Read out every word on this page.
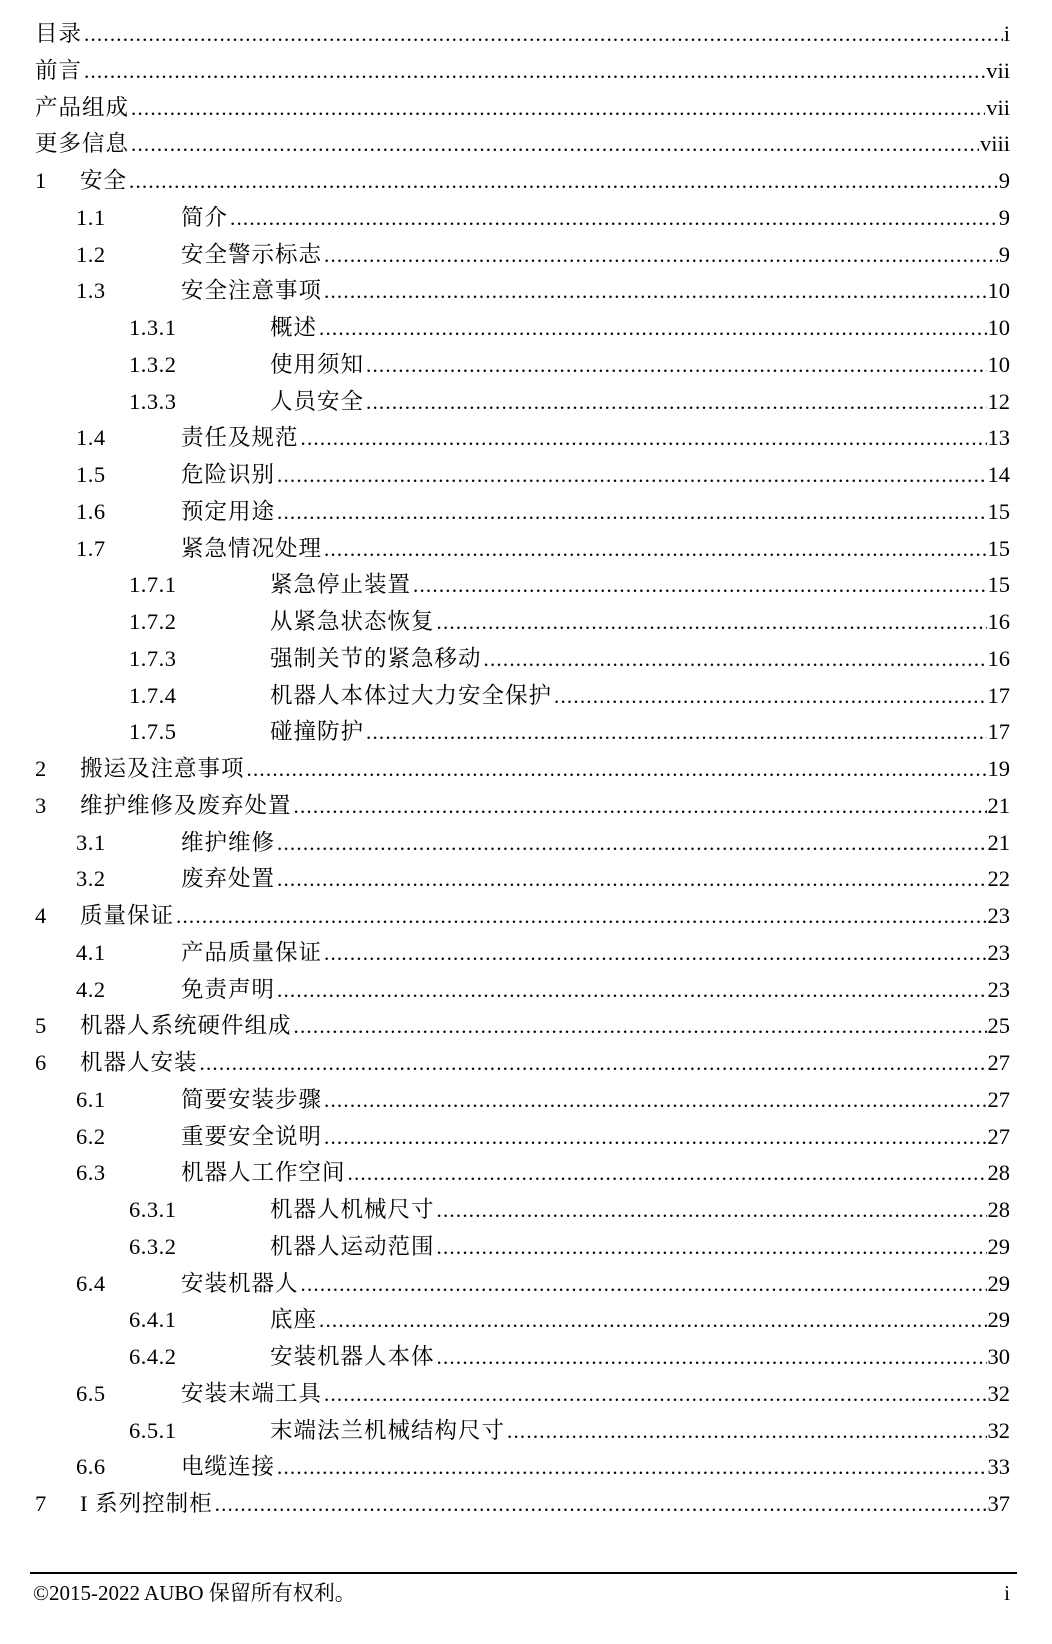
目录 .....	i
前言 .....	vii
产品组成 .....	vii
更多信息 .....	viii
1	安全 .....	9
1.1	简介 .....	9
1.2	安全警示标志 .....	9
1.3	安全注意事项 .....	10
1.3.1	概述 .....	10
1.3.2	使用须知 .....	10
1.3.3	人员安全 .....	12
1.4	责任及规范 .....	13
1.5	危险识别 .....	14
1.6	预定用途 .....	15
1.7	紧急情况处理 .....	15
1.7.1	紧急停止装置 .....	15
1.7.2	从紧急状态恢复 .....	16
1.7.3	强制关节的紧急移动 .....	16
1.7.4	机器人本体过大力安全保护 .....	17
1.7.5	碰撞防护 .....	17
2	搬运及注意事项 .....	19
3	维护维修及废弃处置 .....	21
3.1	维护维修 .....	21
3.2	废弃处置 .....	22
4	质量保证 .....	23
4.1	产品质量保证 .....	23
4.2	免责声明 .....	23
5	机器人系统硬件组成 .....	25
6	机器人安装 .....	27
6.1	简要安装步骤 .....	27
6.2	重要安全说明 .....	27
6.3	机器人工作空间 .....	28
6.3.1	机器人机械尺寸 .....	28
6.3.2	机器人运动范围 .....	29
6.4	安装机器人 .....	29
6.4.1	底座 .....	29
6.4.2	安装机器人本体 .....	30
6.5	安装末端工具 .....	32
6.5.1	末端法兰机械结构尺寸 .....	32
6.6	电缆连接 .....	33
7	I 系列控制柜 .....	37
©2015-2022 AUBO 保留所有权利。	i
